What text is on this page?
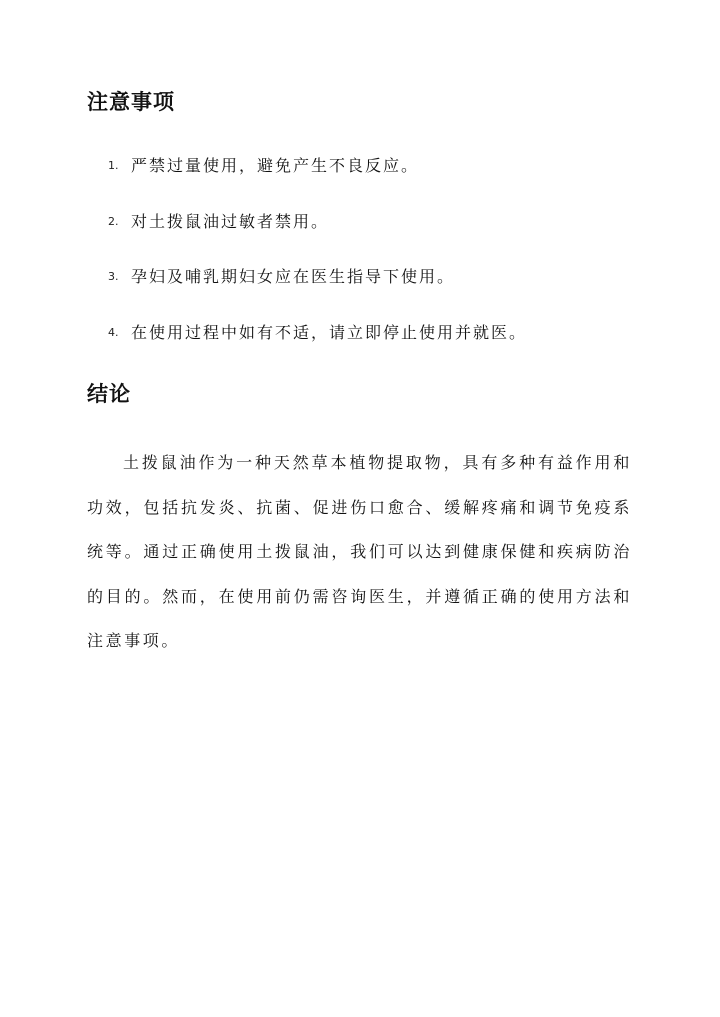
注意事项
1. 严禁过量使用，避免产生不良反应。
2. 对土拨鼠油过敏者禁用。
3. 孕妇及哺乳期妇女应在医生指导下使用。
4. 在使用过程中如有不适，请立即停止使用并就医。
结论

土拨鼠油作为一种天然草本植物提取物，具有多种有益作用和功效，包括抗发炎、抗菌、促进伤口愈合、缓解疼痛和调节免疫系统等。通过正确使用土拨鼠油，我们可以达到健康保健和疾病防治的目的。然而，在使用前仍需咨询医生，并遵循正确的使用方法和注意事项。
